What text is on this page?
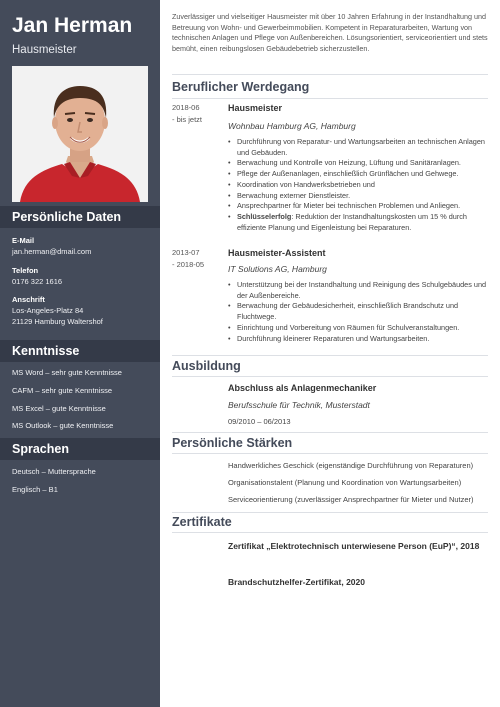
Jan Herman
Hausmeister
Persönliche Daten
E-Mail
jan.herman@dmail.com
Telefon
0176 322 1616
Anschrift
Los-Angeles-Platz 84
21129 Hamburg Waltershof
Kenntnisse
MS Word – sehr gute Kenntnisse
CAFM – sehr gute Kenntnisse
MS Excel – gute Kenntnisse
MS Outlook – gute Kenntnisse
Sprachen
Deutsch – Muttersprache
Englisch – B1
Zuverlässiger und vielseitiger Hausmeister mit über 10 Jahren Erfahrung in der Instandhaltung und Betreuung von Wohn- und Gewerbeimmobilien. Kompetent in Reparaturarbeiten, Wartung von technischen Anlagen und Pflege von Außenbereichen. Lösungsorientiert, serviceorientiert und stets bemüht, einen reibungslosen Gebäudebetrieb sicherzustellen.
Beruflicher Werdegang
2018-06
- bis jetzt
Hausmeister
Wohnbau Hamburg AG, Hamburg
• Durchführung von Reparatur- und Wartungsarbeiten an technischen Anlagen und Gebäuden.
• Berwachung und Kontrolle von Heizung, Lüftung und Sanitäranlagen.
• Pflege der Außenanlagen, einschließlich Grünflächen und Gehwege.
• Koordination von Handwerksbetrieben und
• Berwachung externer Dienstleister.
• Ansprechpartner für Mieter bei technischen Problemen und Anliegen.
• Schlüsselerfolg: Reduktion der Instandhaltungskosten um 15 % durch effiziente Planung und Eigenleistung bei Reparaturen.
2013-07
- 2018-05
Hausmeister-Assistent
IT Solutions AG, Hamburg
• Unterstützung bei der Instandhaltung und Reinigung des Schulgebäudes und der Außenbereiche.
• Berwachung der Gebäudesicherheit, einschließlich Brandschutz und Fluchtwege.
• Einrichtung und Vorbereitung von Räumen für Schulveranstaltungen.
• Durchführung kleinerer Reparaturen und Wartungsarbeiten.
Ausbildung
Abschluss als Anlagenmechaniker
Berufsschule für Technik, Musterstadt
09/2010 – 06/2013
Persönliche Stärken
Handwerkliches Geschick (eigenständige Durchführung von Reparaturen)
Organisationstalent (Planung und Koordination von Wartungsarbeiten)
Serviceorientierung (zuverlässiger Ansprechpartner für Mieter und Nutzer)
Zertifikate
Zertifikat „Elektrotechnisch unterwiesene Person (EuP)“, 2018
Brandschutzhelfer-Zertifikat, 2020
